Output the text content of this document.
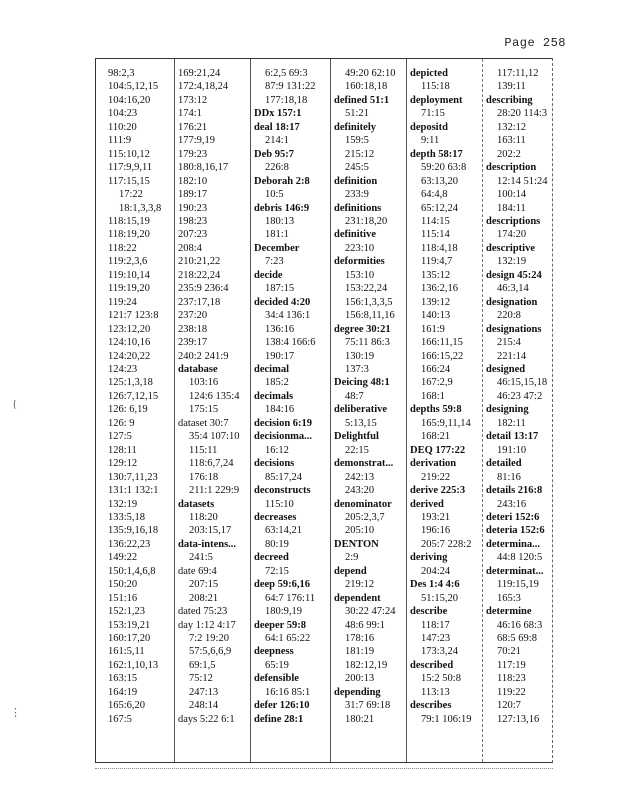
Page 258
98:2,3
104:5,12,15
104:16,20
104:23
110:20
111:9
115:10,12
117:9,9,11
117:15,15
17:22
18:1,3,3,8
118:15,19
118:19,20
118:22
119:2,3,6
119:10,14
119:19,20
119:24
121:7 123:8
123:12,20
124:10,16
124:20,22
124:23
125:1,3,18
126:7,12,15
126: 6,19
126: 9
127:5
128:11
129:12
130:7,11,23
131:1 132:1
132:19
133:5,18
135:9,16,18
136:22,23
149:22
150:1,4,6,8
150:20
151:16
152:1,23
153:19,21
160:17,20
161:5,11
162:1,10,13
163:15
164:19
165:6,20
167:5
169:21,24
172:4,18,24
173:12
174:1
176:21
177:9,19
179:23
180:8,16,17
182:10
189:17
190:23
198:23
207:23
208:4
210:21,22
218:22,24
235:9 236:4
237:17,18
237:20
238:18
239:17
240:2 241:9
database
103:16
124:6 135:4
175:15
dataset 30:7
35:4 107:10
115:11
118:6,7,24
176:18
211:1 229:9
datasets
118:20
203:15,17
data-intens...
241:5
date 69:4
207:15
208:21
dated 75:23
day 1:12 4:17
7:2 19:20
57:5,6,6,9
69:1,5
75:12
247:13
248:14
days 5:22 6:1
6:2,5 69:3
87:9 131:22
177:18,18
DDx 157:1
deal 18:17
214:1
Deb 95:7
226:8
Deborah 2:8
10:5
debris 146:9
180:13
181:1
December
7:23
decide
187:15
decided 4:20
34:4 136:1
136:16
138:4 166:6
190:17
decimal
185:2
decimals
184:16
decision 6:19
decisionma...
16:12
decisions
85:17,24
deconstructs
115:10
decreases
63:14,21
80:19
decreed
72:15
deep 59:6,16
64:7 176:11
180:9,19
deeper 59:8
64:1 65:22
deepness
65:19
defensible
16:16 85:1
defer 126:10
define 28:1
49:20 62:10
160:18,18
defined 51:1
51:21
definitely
159:5
215:12
245:5
definition
233:9
definitions
231:18,20
definitive
223:10
deformities
153:10
153:22,24
156:1,3,3,5
156:8,11,16
degree 30:21
75:11 86:3
130:19
137:3
Deicing 48:1
48:7
deliberative
5:13,15
Delightful
22:15
demonstrat...
242:13
243:20
denominator
205:2,3,7
205:10
DENTON
2:9
depend
219:12
dependent
30:22 47:24
48:6 99:1
178:16
181:19
182:12,19
200:13
depending
31:7 69:18
180:21
depicted
115:18
deployment
71:15
depositd
9:11
depth 58:17
59:20 63:8
63:13,20
64:4,8
65:12,24
114:15
115:14
118:4,18
119:4,7
135:12
136:2,16
139:12
140:13
161:9
166:11,15
166:15,22
166:24
167:2,9
168:1
depths 59:8
165:9,11,14
168:21
DEQ 177:22
derivation
219:22
derive 225:3
derived
193:21
196:16
205:7 228:2
deriving
204:24
Des 1:4 4:6
51:15,20
describe
118:17
147:23
173:3,24
described
15:2 50:8
113:13
describes
79:1 106:19
117:11,12
139:11
describing
28:20 114:3
132:12
163:11
202:2
description
12:14 51:24
100:14
184:11
descriptions
174:20
descriptive
132:19
design 45:24
46:3,14
designation
220:8
designations
215:4
221:14
designed
46:15,15,18
46:23 47:2
designing
182:11
detail 13:17
191:10
detailed
81:16
details 216:8
243:16
deteri 152:6
deteria 152:6
determina...
44:8 120:5
determinat...
119:15,19
165:3
determine
46:16 68:3
68:5 69:8
70:21
117:19
118:23
119:22
120:7
127:13,16
{
⋮
